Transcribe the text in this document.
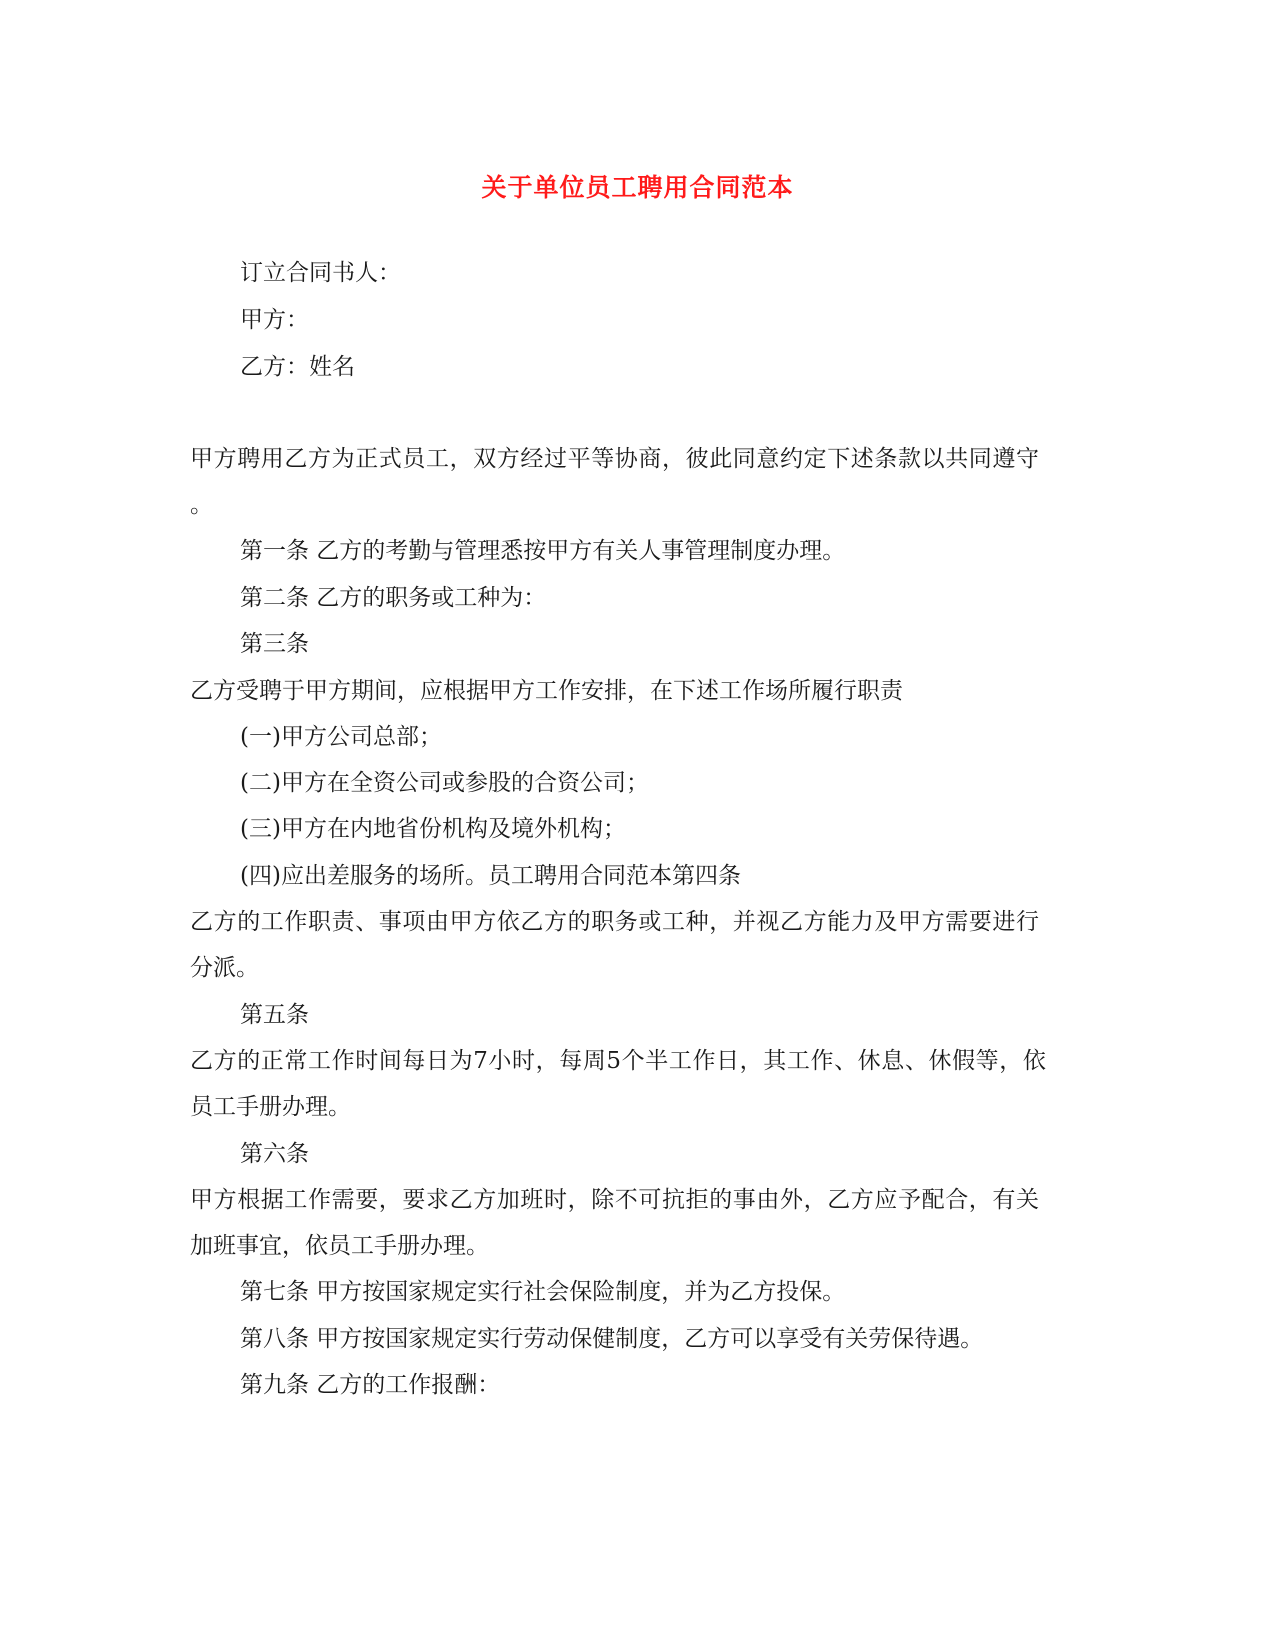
关于单位员工聘用合同范本

订立合同书人：

甲方：

乙方：姓名

甲方聘用乙方为正式员工，双方经过平等协商，彼此同意约定下述条款以共同遵守

。

第一条 乙方的考勤与管理悉按甲方有关人事管理制度办理。

第二条 乙方的职务或工种为：

第三条

乙方受聘于甲方期间，应根据甲方工作安排，在下述工作场所履行职责

(一)甲方公司总部；

(二)甲方在全资公司或参股的合资公司；

(三)甲方在内地省份机构及境外机构；

(四)应出差服务的场所。员工聘用合同范本第四条

乙方的工作职责、事项由甲方依乙方的职务或工种，并视乙方能力及甲方需要进行

分派。

第五条

乙方的正常工作时间每日为7小时，每周5个半工作日，其工作、休息、休假等，依

员工手册办理。

第六条

甲方根据工作需要，要求乙方加班时，除不可抗拒的事由外，乙方应予配合，有关

加班事宜，依员工手册办理。

第七条 甲方按国家规定实行社会保险制度，并为乙方投保。

第八条 甲方按国家规定实行劳动保健制度，乙方可以享受有关劳保待遇。

第九条 乙方的工作报酬：
